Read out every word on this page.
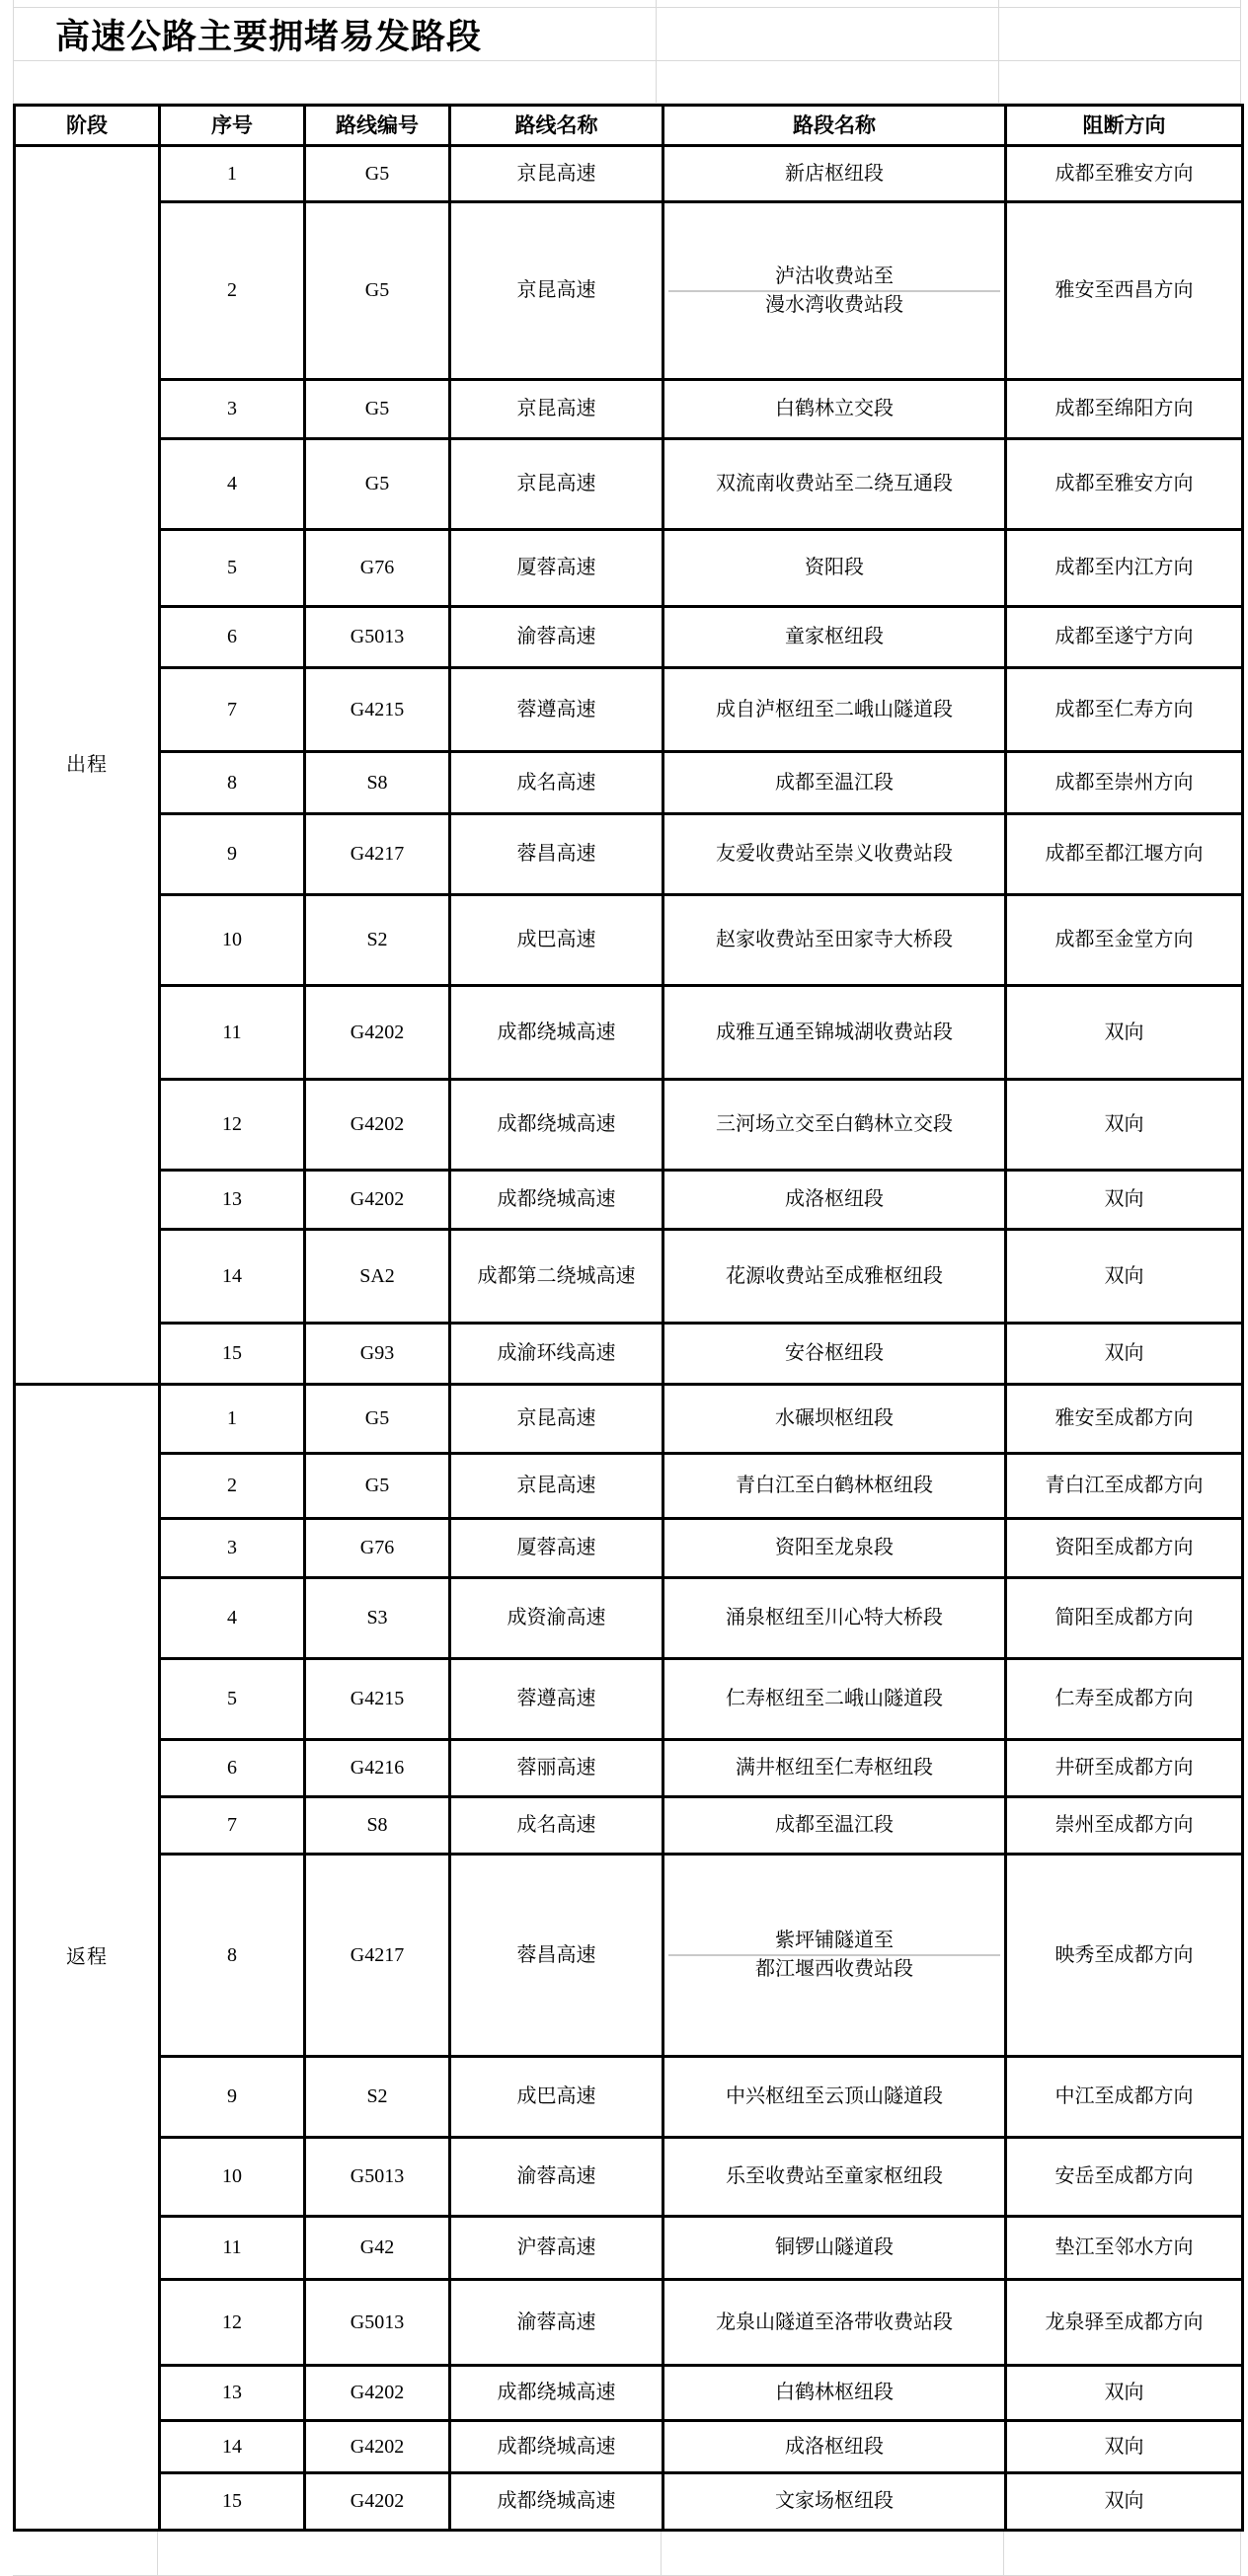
高速公路主要拥堵易发路段
阶段	序号	路线编号	路线名称	路段名称	阻断方向
出程	1	G5	京昆高速	新店枢纽段	成都至雅安方向
	2	G5	京昆高速	泸沽收费站至
漫水湾收费站段	雅安至西昌方向
	3	G5	京昆高速	白鹤林立交段	成都至绵阳方向
	4	G5	京昆高速	双流南收费站至二绕互通段	成都至雅安方向
	5	G76	厦蓉高速	资阳段	成都至内江方向
	6	G5013	渝蓉高速	童家枢纽段	成都至遂宁方向
	7	G4215	蓉遵高速	成自泸枢纽至二峨山隧道段	成都至仁寿方向
	8	S8	成名高速	成都至温江段	成都至崇州方向
	9	G4217	蓉昌高速	友爱收费站至崇义收费站段	成都至都江堰方向
	10	S2	成巴高速	赵家收费站至田家寺大桥段	成都至金堂方向
	11	G4202	成都绕城高速	成雅互通至锦城湖收费站段	双向
	12	G4202	成都绕城高速	三河场立交至白鹤林立交段	双向
	13	G4202	成都绕城高速	成洛枢纽段	双向
	14	SA2	成都第二绕城高速	花源收费站至成雅枢纽段	双向
	15	G93	成渝环线高速	安谷枢纽段	双向
返程	1	G5	京昆高速	水碾坝枢纽段	雅安至成都方向
	2	G5	京昆高速	青白江至白鹤林枢纽段	青白江至成都方向
	3	G76	厦蓉高速	资阳至龙泉段	资阳至成都方向
	4	S3	成资渝高速	涌泉枢纽至川心特大桥段	简阳至成都方向
	5	G4215	蓉遵高速	仁寿枢纽至二峨山隧道段	仁寿至成都方向
	6	G4216	蓉丽高速	满井枢纽至仁寿枢纽段	井研至成都方向
	7	S8	成名高速	成都至温江段	崇州至成都方向
	8	G4217	蓉昌高速	紫坪铺隧道至
都江堰西收费站段	映秀至成都方向
	9	S2	成巴高速	中兴枢纽至云顶山隧道段	中江至成都方向
	10	G5013	渝蓉高速	乐至收费站至童家枢纽段	安岳至成都方向
	11	G42	沪蓉高速	铜锣山隧道段	垫江至邻水方向
	12	G5013	渝蓉高速	龙泉山隧道至洛带收费站段	龙泉驿至成都方向
	13	G4202	成都绕城高速	白鹤林枢纽段	双向
	14	G4202	成都绕城高速	成洛枢纽段	双向
	15	G4202	成都绕城高速	文家场枢纽段	双向
